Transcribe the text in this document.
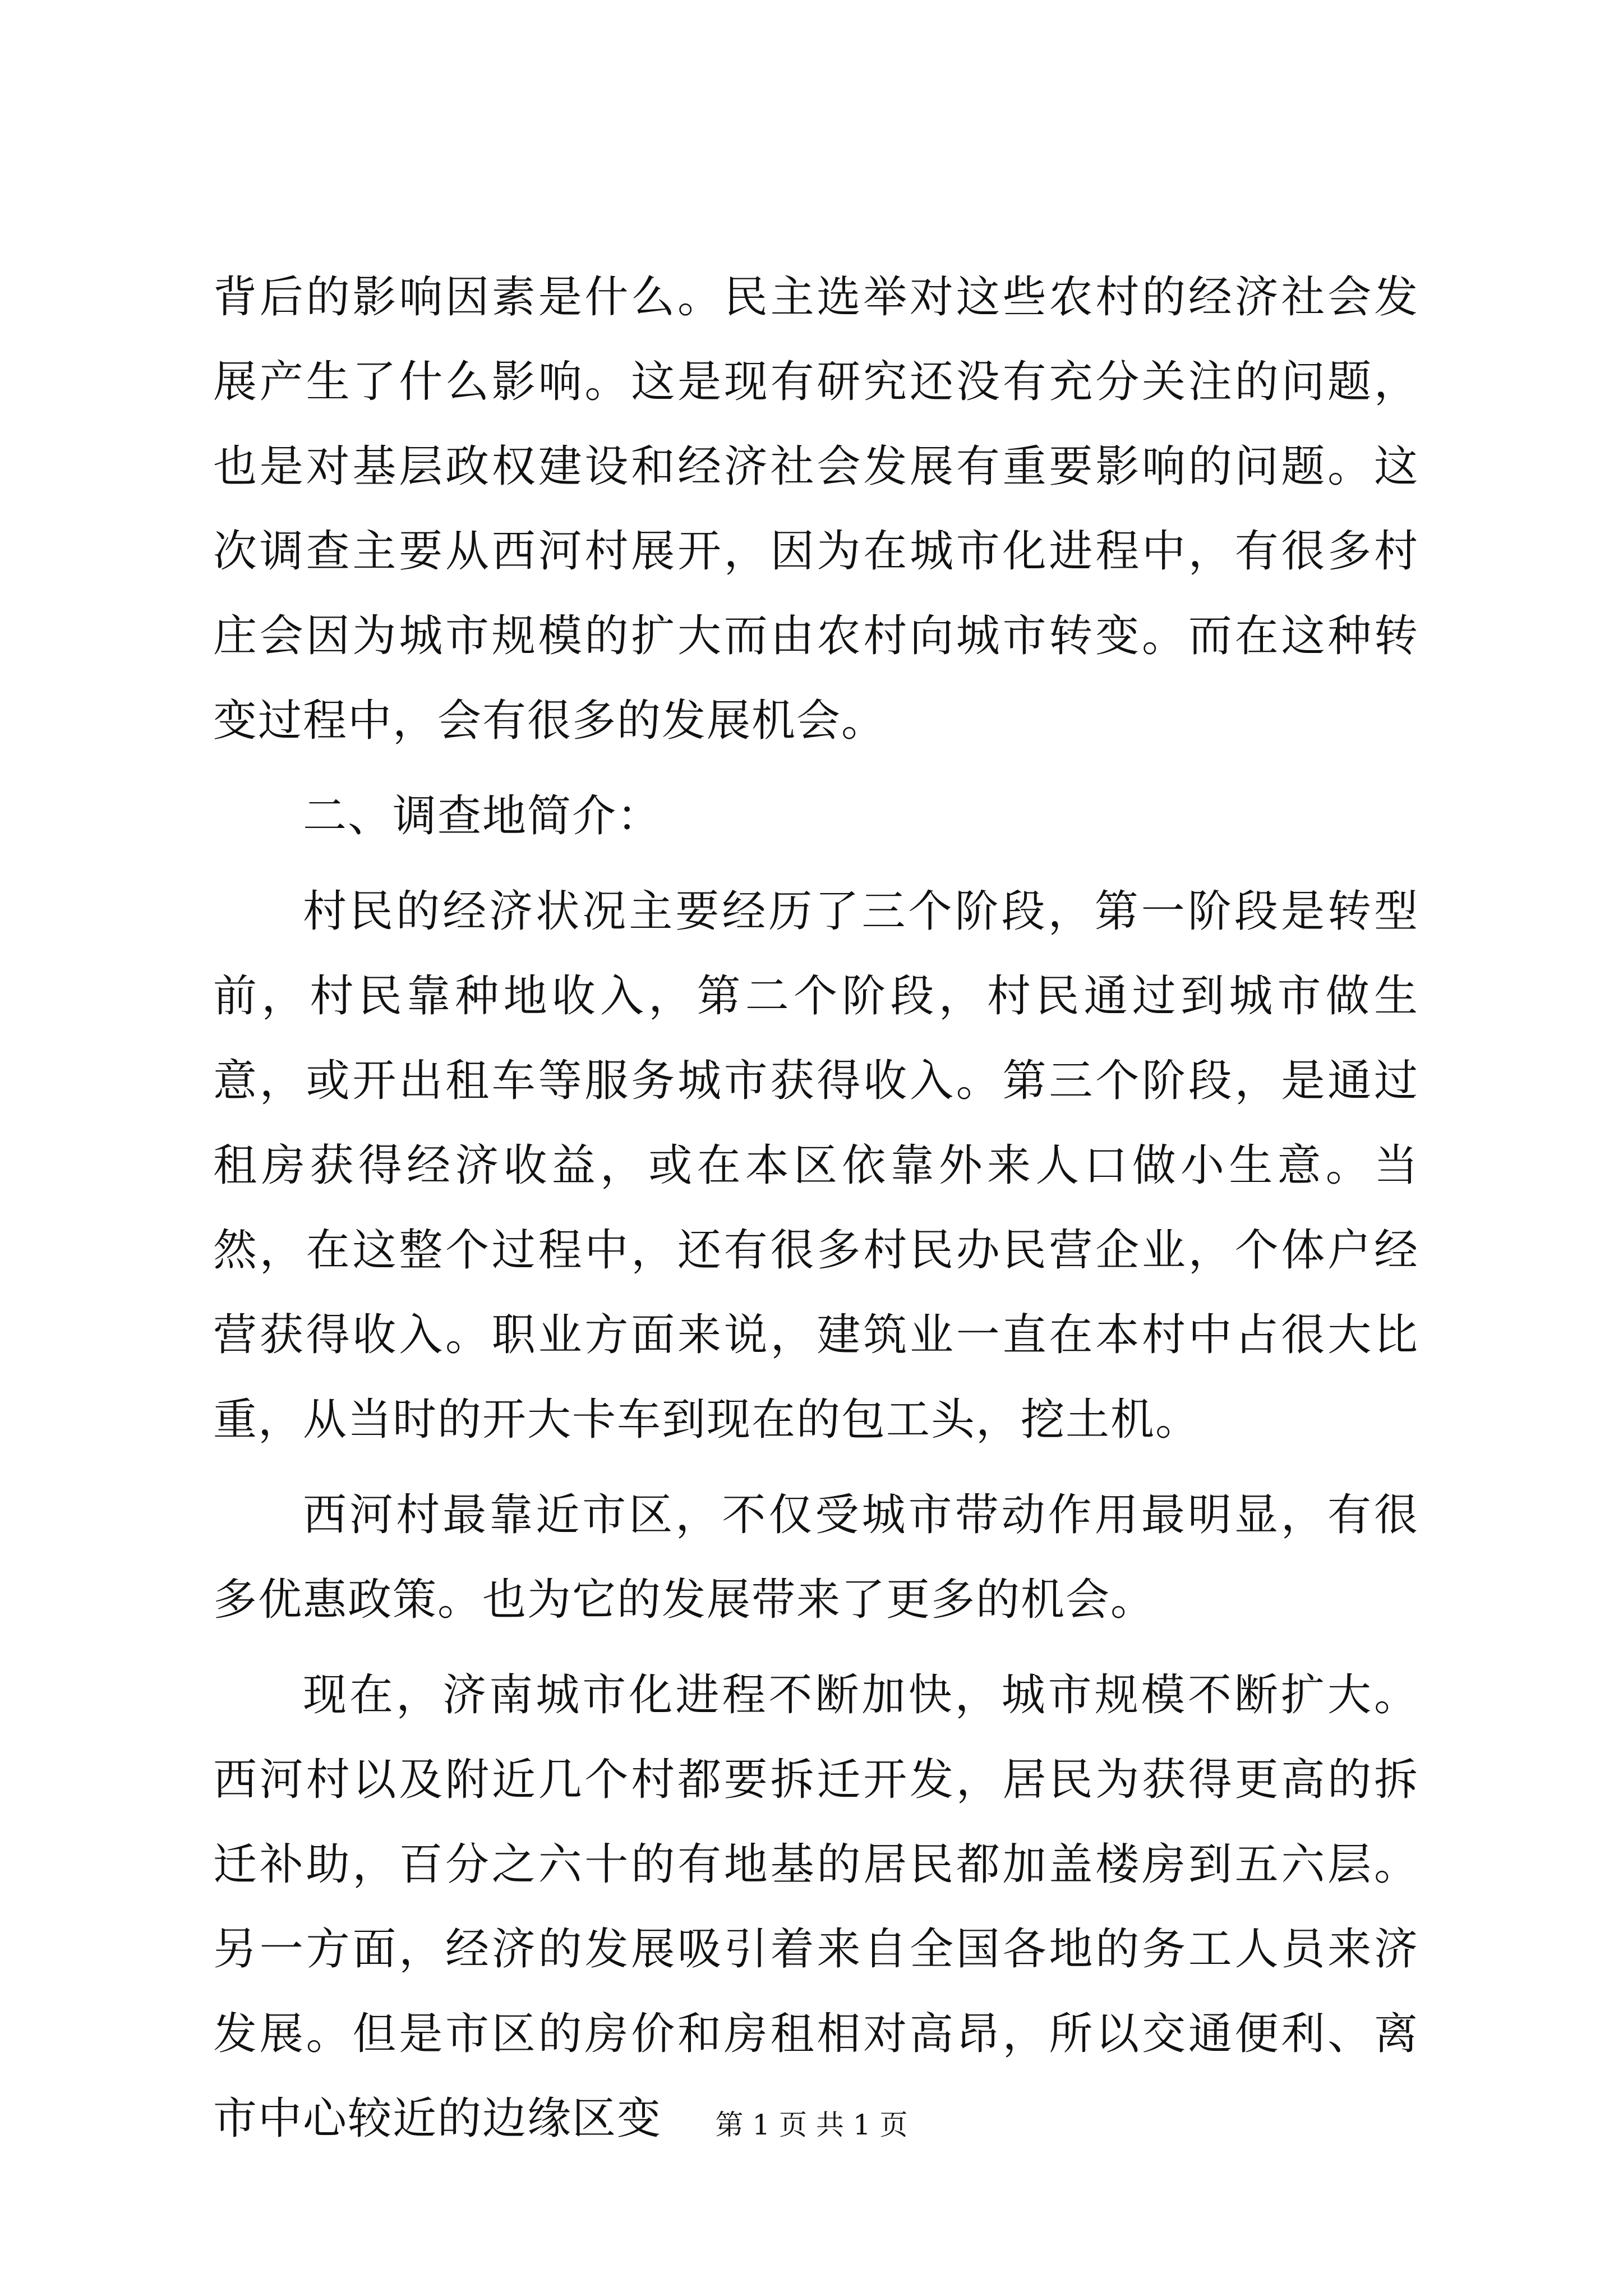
背后的影响因素是什么。民主选举对这些农村的经济社会发展产生了什么影响。这是现有研究还没有充分关注的问题，也是对基层政权建设和经济社会发展有重要影响的问题。这次调查主要从西河村展开，因为在城市化进程中，有很多村庄会因为城市规模的扩大而由农村向城市转变。而在这种转变过程中，会有很多的发展机会。

二、调查地简介：

村民的经济状况主要经历了三个阶段，第一阶段是转型前，村民靠种地收入，第二个阶段，村民通过到城市做生意，或开出租车等服务城市获得收入。第三个阶段，是通过租房获得经济收益，或在本区依靠外来人口做小生意。当然，在这整个过程中，还有很多村民办民营企业，个体户经营获得收入。职业方面来说，建筑业一直在本村中占很大比重，从当时的开大卡车到现在的包工头，挖土机。

西河村最靠近市区，不仅受城市带动作用最明显，有很多优惠政策。也为它的发展带来了更多的机会。

现在，济南城市化进程不断加快，城市规模不断扩大。西河村以及附近几个村都要拆迁开发，居民为获得更高的拆迁补助，百分之六十的有地基的居民都加盖楼房到五六层。另一方面，经济的发展吸引着来自全国各地的务工人员来济发展。但是市区的房价和房租相对高昂，所以交通便利、离市中心较近的边缘区变	第 1 页 共 1 页
